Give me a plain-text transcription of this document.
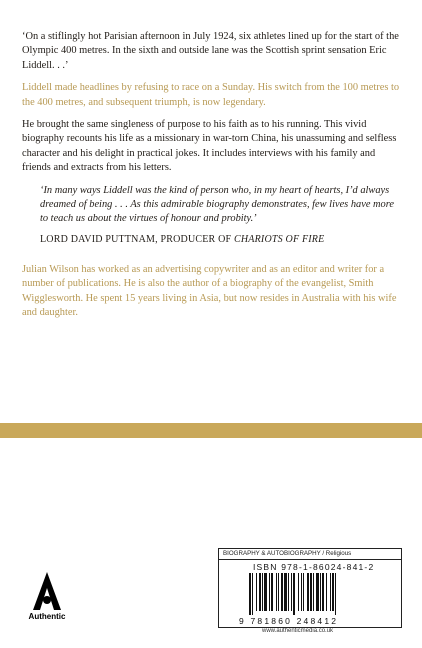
‘On a stiflingly hot Parisian afternoon in July 1924, six athletes lined up for the start of the Olympic 400 metres. In the sixth and outside lane was the Scottish sprint sensation Eric Liddell. . .’

Liddell made headlines by refusing to race on a Sunday. His switch from the 100 metres to the 400 metres, and subsequent triumph, is now legendary.

He brought the same singleness of purpose to his faith as to his running. This vivid biography recounts his life as a missionary in war-torn China, his unassuming and selfless character and his delight in practical jokes. It includes interviews with his family and friends and extracts from his letters.

‘In many ways Liddell was the kind of person who, in my heart of hearts, I’d always dreamed of being . . . As this admirable biography demonstrates, few lives have more to teach us about the virtues of honour and probity.’
LORD DAVID PUTTNAM, PRODUCER OF CHARIOTS OF FIRE

Julian Wilson has worked as an advertising copywriter and as an editor and writer for a number of publications. He is also the author of a biography of the evangelist, Smith Wigglesworth. He spent 15 years living in Asia, but now resides in Australia with his wife and daughter.

Authentic
BIOGRAPHY & AUTOBIOGRAPHY / Religious
ISBN 978-1-86024-841-2
9 781860 248412
www.authenticmedia.co.uk
